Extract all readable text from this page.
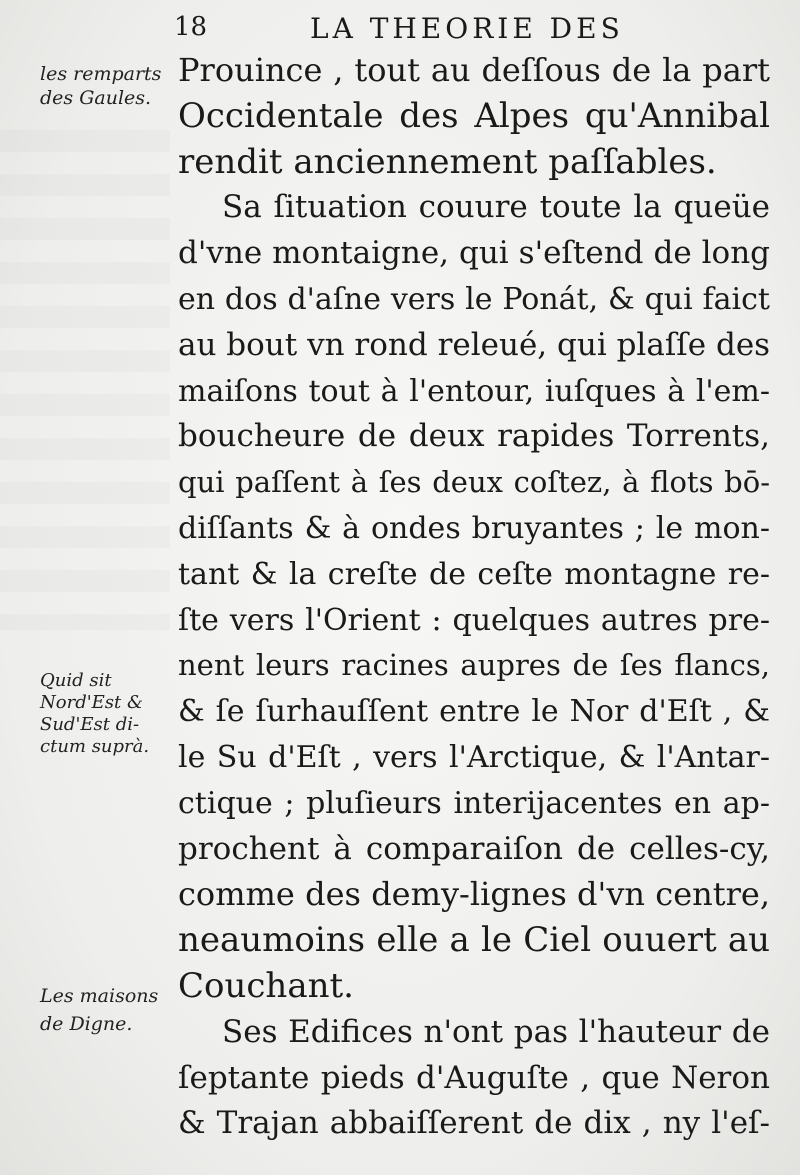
18	LA THEORIE DES
les remparts
des Gaules.
Quid sit
Nord'Est &
Sud'Est di-
ctum suprà.
Les maisons
de Digne.
Prouince , tout au deſſous de la part
Occidentale des Alpes qu'Annibal
rendit anciennement paſſables.
Sa ſituation couure toute la queüe
d'vne montaigne, qui s'eſtend de long
en dos d'aſne vers le Ponát, & qui faict
au bout vn rond releué, qui plaſſe des
maiſons tout à l'entour, iuſques à l'em-
boucheure de deux rapides Torrents,
qui paſſent à ſes deux coſtez, à flots bō-
diſſants & à ondes bruyantes ; le mon-
tant & la creſte de ceſte montagne re-
ſte vers l'Orient : quelques autres pre-
nent leurs racines aupres de ſes flancs,
& ſe ſurhauſſent entre le Nor d'Eſt , &
le Su d'Eſt , vers l'Arctique, & l'Antar-
ctique ; pluſieurs interijacentes en ap-
prochent à comparaiſon de celles-cy,
comme des demy-lignes d'vn centre,
neaumoins elle a le Ciel ouuert au
Couchant.
Ses Edifices n'ont pas l'hauteur de
ſeptante pieds d'Auguſte , que Neron
& Trajan abbaiſſerent de dix , ny l'eſ-
